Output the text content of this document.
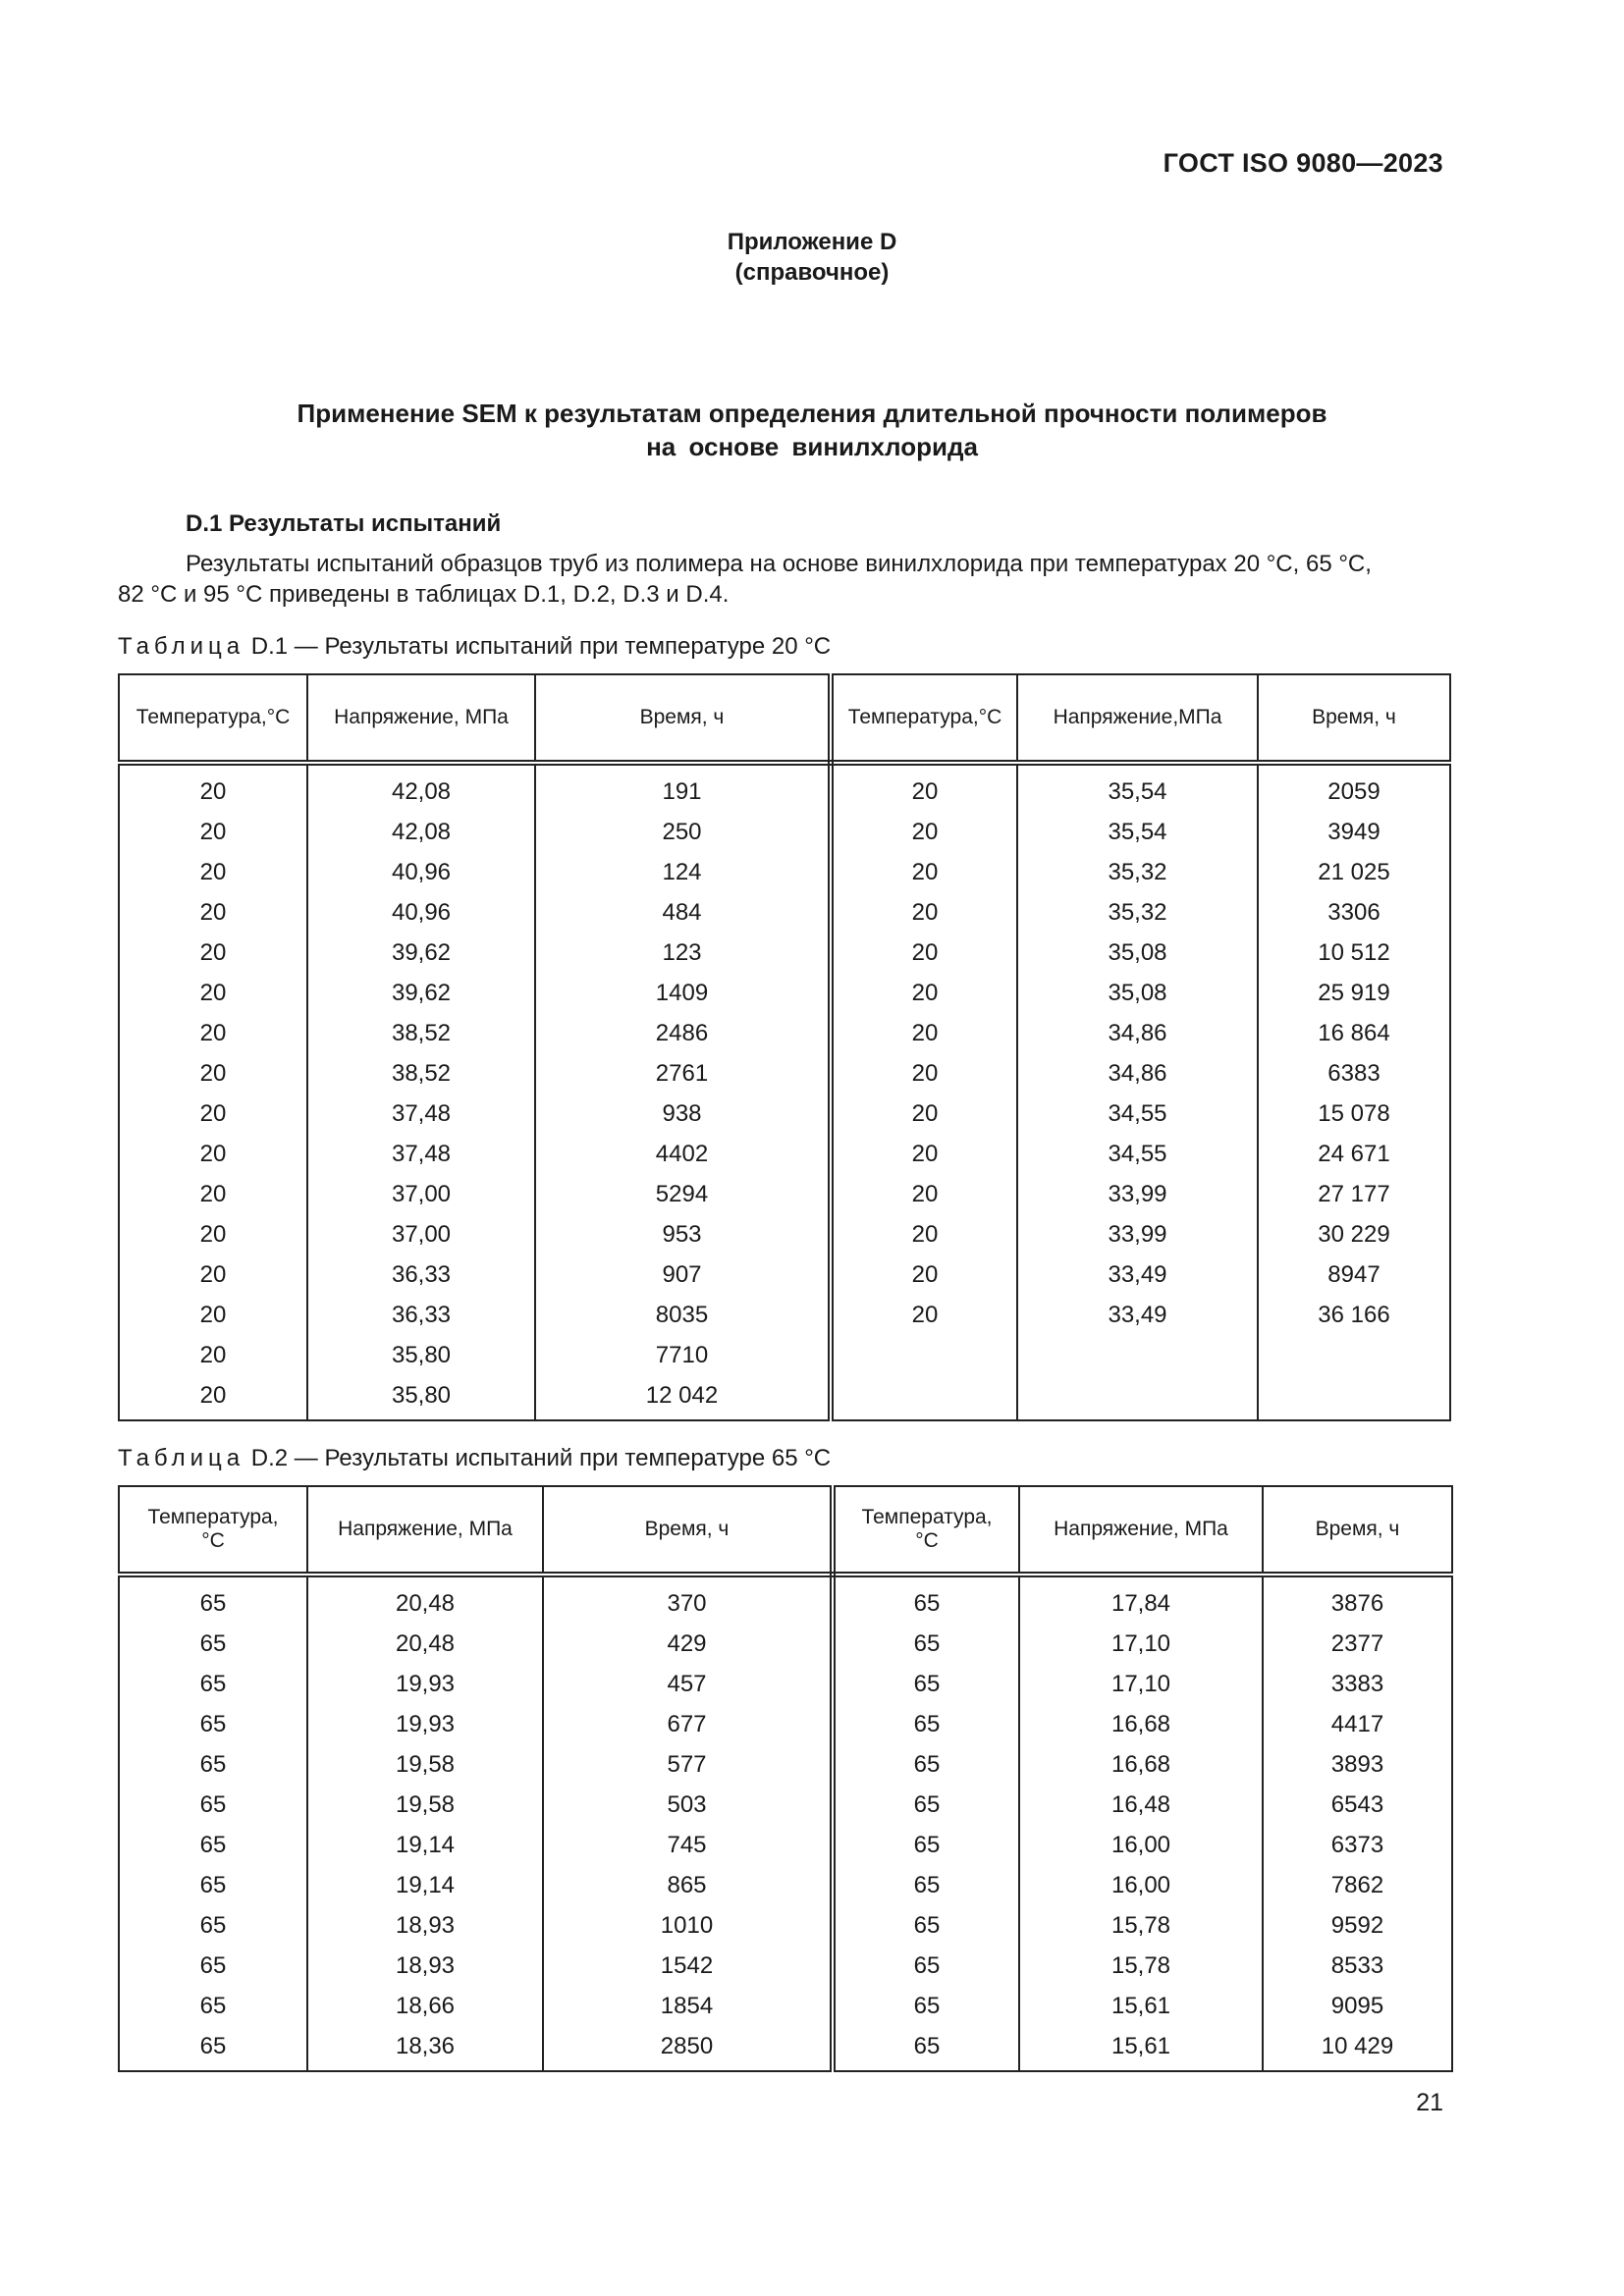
ГОСТ ISO 9080—2023
Приложение D
(справочное)
Применение SEM к результатам определения длительной прочности полимеров
на основе винилхлорида
D.1 Результаты испытаний
Результаты испытаний образцов труб из полимера на основе винилхлорида при температурах 20 °C, 65 °C,
82 °C и 95 °C приведены в таблицах D.1, D.2, D.3 и D.4.
Таблица D.1 — Результаты испытаний при температуре 20 °C
Температура,°С	Напряжение, МПа	Время, ч	Температура,°С	Напряжение,МПа	Время, ч
20	42,08	191	20	35,54	2059
20	42,08	250	20	35,54	3949
20	40,96	124	20	35,32	21 025
20	40,96	484	20	35,32	3306
20	39,62	123	20	35,08	10 512
20	39,62	1409	20	35,08	25 919
20	38,52	2486	20	34,86	16 864
20	38,52	2761	20	34,86	6383
20	37,48	938	20	34,55	15 078
20	37,48	4402	20	34,55	24 671
20	37,00	5294	20	33,99	27 177
20	37,00	953	20	33,99	30 229
20	36,33	907	20	33,49	8947
20	36,33	8035	20	33,49	36 166
20	35,80	7710			
20	35,80	12 042			
Таблица D.2 — Результаты испытаний при температуре 65 °C
Температура,
°С	Напряжение, МПа	Время, ч	Температура,
°С	Напряжение, МПа	Время, ч
65	20,48	370	65	17,84	3876
65	20,48	429	65	17,10	2377
65	19,93	457	65	17,10	3383
65	19,93	677	65	16,68	4417
65	19,58	577	65	16,68	3893
65	19,58	503	65	16,48	6543
65	19,14	745	65	16,00	6373
65	19,14	865	65	16,00	7862
65	18,93	1010	65	15,78	9592
65	18,93	1542	65	15,78	8533
65	18,66	1854	65	15,61	9095
65	18,36	2850	65	15,61	10 429
21
